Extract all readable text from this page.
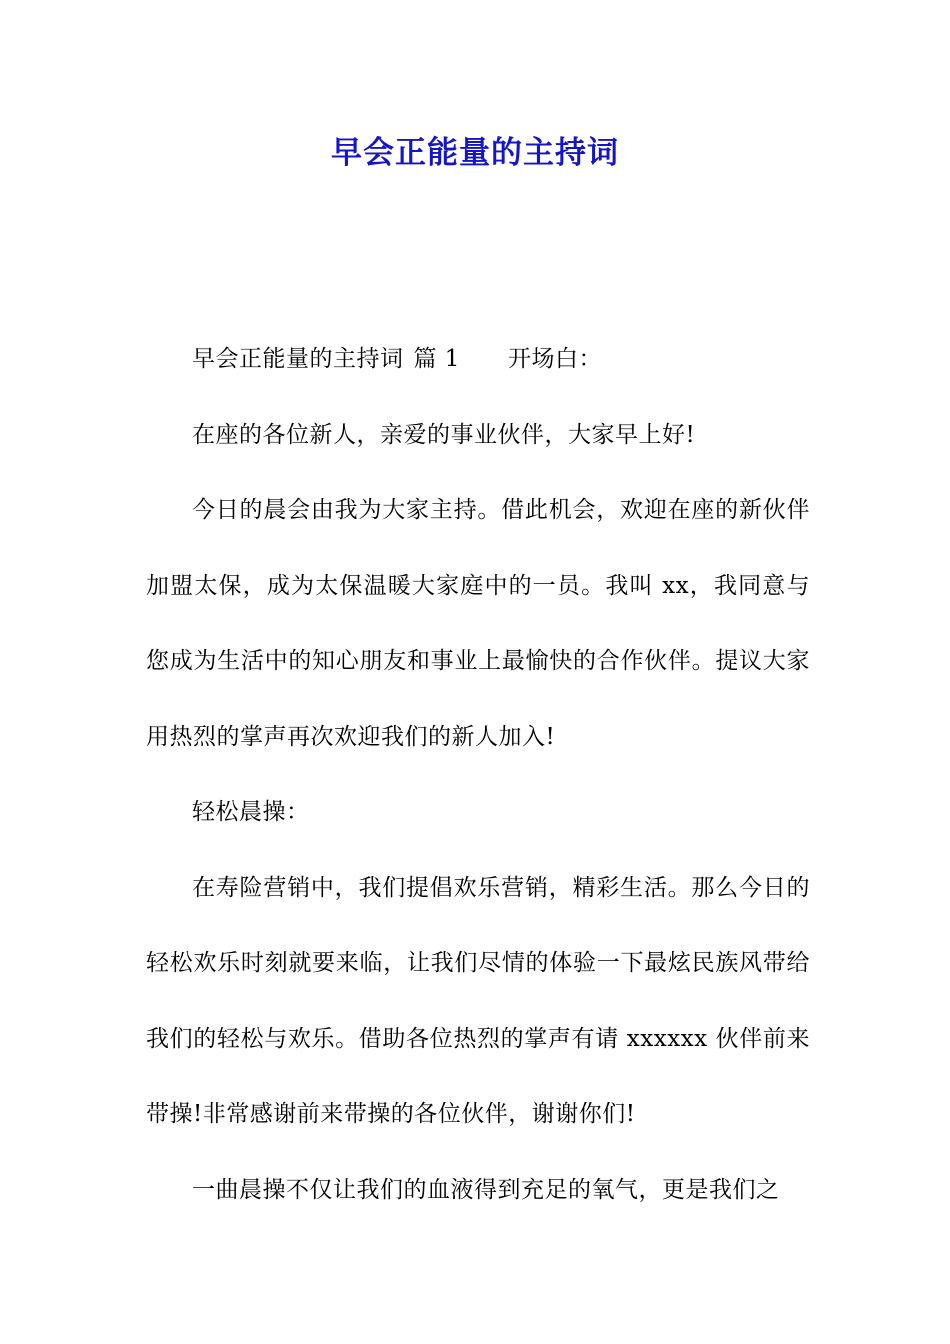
早会正能量的主持词

早会正能量的主持词 篇 1 开场白：

在座的各位新人，亲爱的事业伙伴，大家早上好!

今日的晨会由我为大家主持。借此机会，欢迎在座的新伙伴加盟太保，成为太保温暖大家庭中的一员。我叫 xx，我同意与您成为生活中的知心朋友和事业上最愉快的合作伙伴。提议大家用热烈的掌声再次欢迎我们的新人加入!

轻松晨操：

在寿险营销中，我们提倡欢乐营销，精彩生活。那么今日的轻松欢乐时刻就要来临，让我们尽情的体验一下最炫民族风带给我们的轻松与欢乐。借助各位热烈的掌声有请 xxxxxx 伙伴前来带操!非常感谢前来带操的各位伙伴，谢谢你们!

一曲晨操不仅让我们的血液得到充足的氧气，更是我们之
